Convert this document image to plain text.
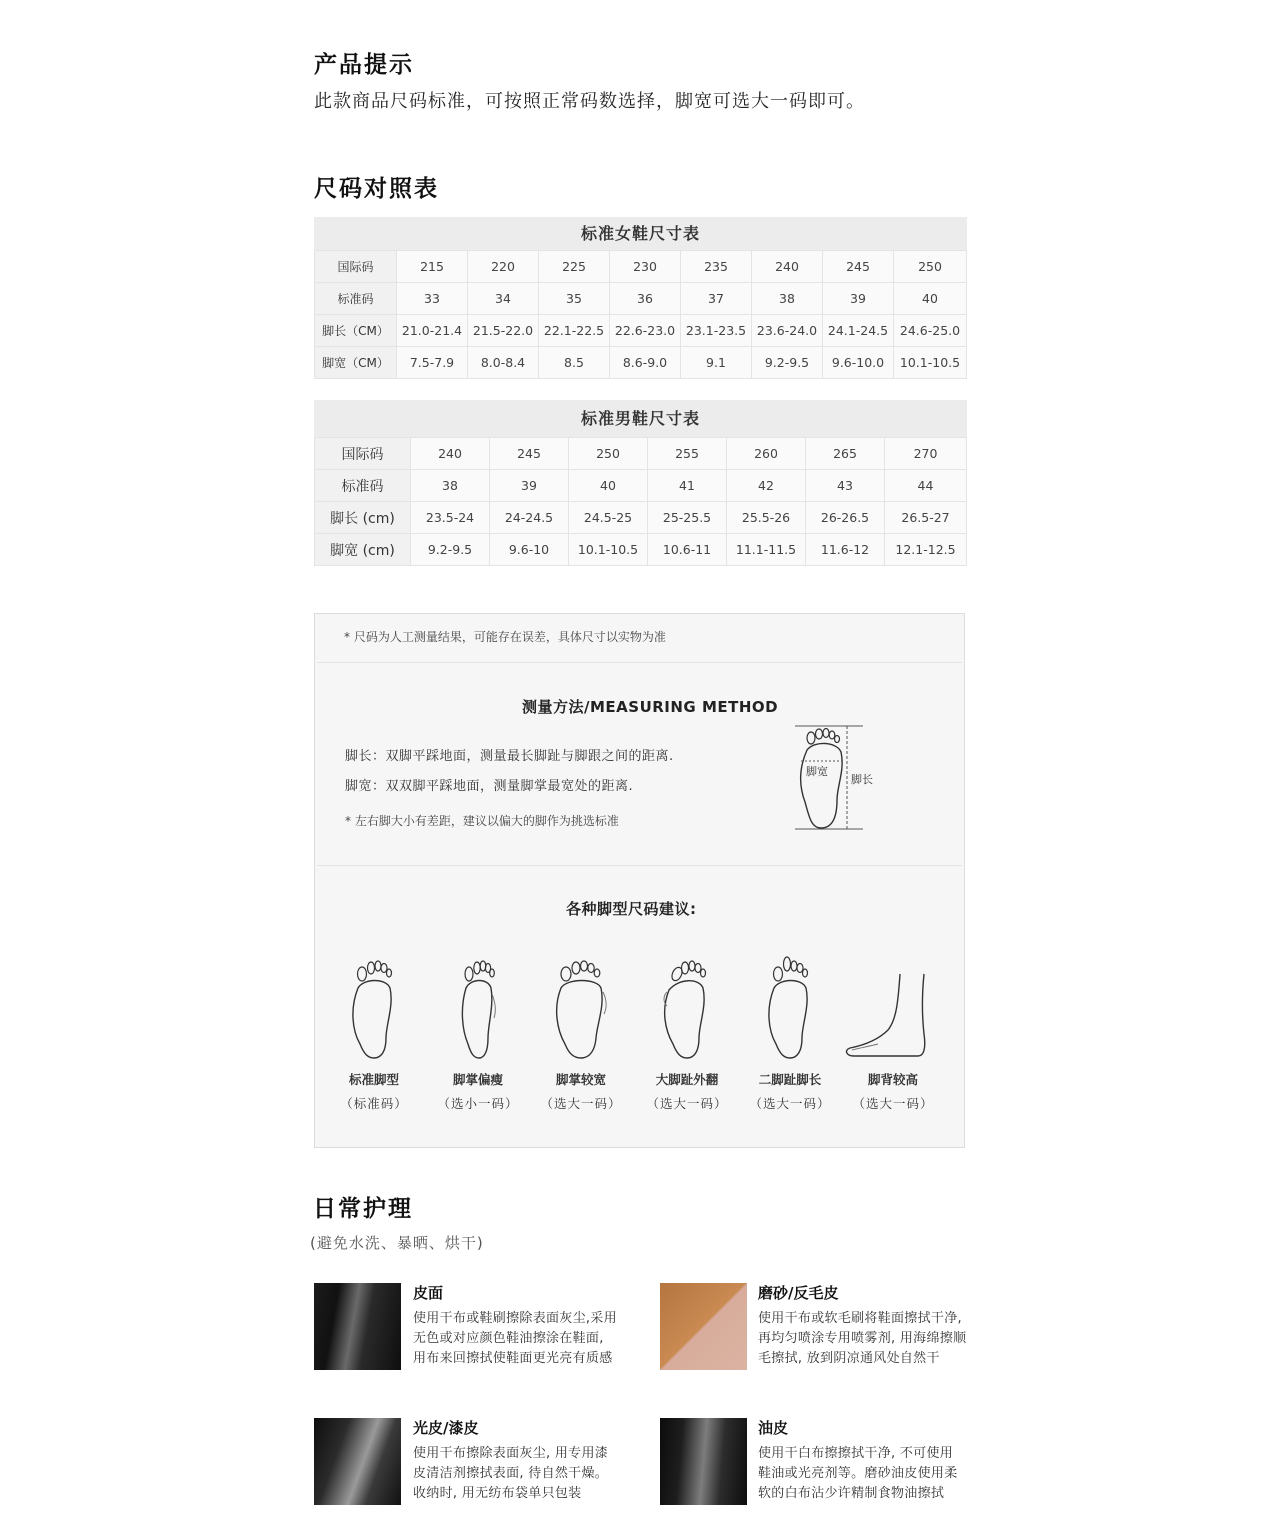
产品提示
此款商品尺码标准，可按照正常码数选择，脚宽可选大一码即可。
尺码对照表
标准女鞋尺寸表
国际码	215	220	225	230	235	240	245	250
标准码	33	34	35	36	37	38	39	40
脚长（CM）	21.0-21.4	21.5-22.0	22.1-22.5	22.6-23.0	23.1-23.5	23.6-24.0	24.1-24.5	24.6-25.0
脚宽（CM）	7.5-7.9	8.0-8.4	8.5	8.6-9.0	9.1	9.2-9.5	9.6-10.0	10.1-10.5
标准男鞋尺寸表
国际码	240	245	250	255	260	265	270
标准码	38	39	40	41	42	43	44
脚长 (cm)	23.5-24	24-24.5	24.5-25	25-25.5	25.5-26	26-26.5	26.5-27
脚宽 (cm)	9.2-9.5	9.6-10	10.1-10.5	10.6-11	11.1-11.5	11.6-12	12.1-12.5
* 尺码为人工测量结果，可能存在误差，具体尺寸以实物为准
测量方法/MEASURING METHOD
脚长：双脚平踩地面，测量最长脚趾与脚跟之间的距离.
脚宽：双双脚平踩地面，测量脚掌最宽处的距离.
* 左右脚大小有差距，建议以偏大的脚作为挑选标准
脚宽
脚长
各种脚型尺码建议:
标准脚型
（标准码）
脚掌偏瘦
（选小一码）
脚掌较宽
（选大一码）
大脚趾外翻
（选大一码）
二脚趾脚长
（选大一码）
脚背较高
（选大一码）
日常护理
(避免水洗、暴晒、烘干)
皮面
使用干布或鞋刷擦除表面灰尘,采用
无色或对应颜色鞋油擦涂在鞋面,
用布来回擦拭使鞋面更光亮有质感
磨砂/反毛皮
使用干布或软毛刷将鞋面擦拭干净,
再均匀喷涂专用喷雾剂, 用海绵擦顺
毛擦拭, 放到阴凉通风处自然干
光皮/漆皮
使用干布擦除表面灰尘, 用专用漆
皮清洁剂擦拭表面, 待自然干燥。
收纳时, 用无纺布袋单只包装
油皮
使用干白布擦擦拭干净, 不可使用
鞋油或光亮剂等。磨砂油皮使用柔
软的白布沾少许精制食物油擦拭
